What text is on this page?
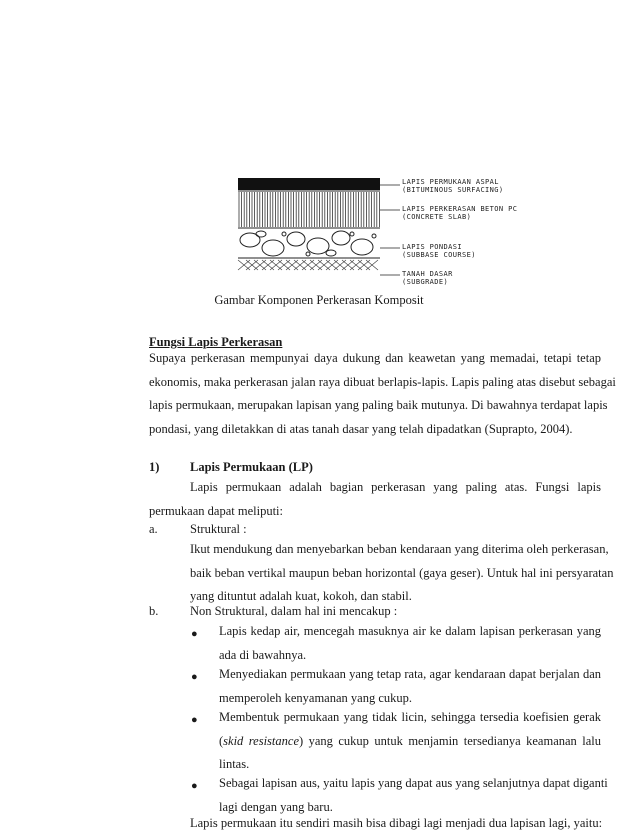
LAPIS PERMUKAAN ASPAL
(BITUMINOUS SURFACING)
LAPIS PERKERASAN BETON PC
(CONCRETE SLAB)
LAPIS PONDASI
(SUBBASE COURSE)
TANAH DASAR
(SUBGRADE)
Gambar Komponen Perkerasan Komposit
Fungsi Lapis Perkerasan
Supaya perkerasan mempunyai daya dukung dan keawetan yang memadai, tetapi tetap
ekonomis, maka perkerasan jalan raya dibuat berlapis-lapis. Lapis paling atas disebut sebagai
lapis permukaan, merupakan lapisan yang paling baik mutunya. Di bawahnya terdapat lapis
pondasi, yang diletakkan di atas tanah dasar yang telah dipadatkan (Suprapto, 2004).
1) Lapis Permukaan (LP)
Lapis permukaan adalah bagian perkerasan yang paling atas. Fungsi lapis
permukaan dapat meliputi:
a.	Struktural :
Ikut mendukung dan menyebarkan beban kendaraan yang diterima oleh perkerasan,
baik beban vertikal maupun beban horizontal (gaya geser). Untuk hal ini persyaratan
yang dituntut adalah kuat, kokoh, dan stabil.
b.	Non Struktural, dalam hal ini mencakup :
● Lapis kedap air, mencegah masuknya air ke dalam lapisan perkerasan yang
ada di bawahnya.
● Menyediakan permukaan yang tetap rata, agar kendaraan dapat berjalan dan
memperoleh kenyamanan yang cukup.
● Membentuk permukaan yang tidak licin, sehingga tersedia koefisien gerak
(skid resistance) yang cukup untuk menjamin tersedianya keamanan lalu
lintas.
● Sebagai lapisan aus, yaitu lapis yang dapat aus yang selanjutnya dapat diganti
lagi dengan yang baru.
Lapis permukaan itu sendiri masih bisa dibagi lagi menjadi dua lapisan lagi, yaitu:
